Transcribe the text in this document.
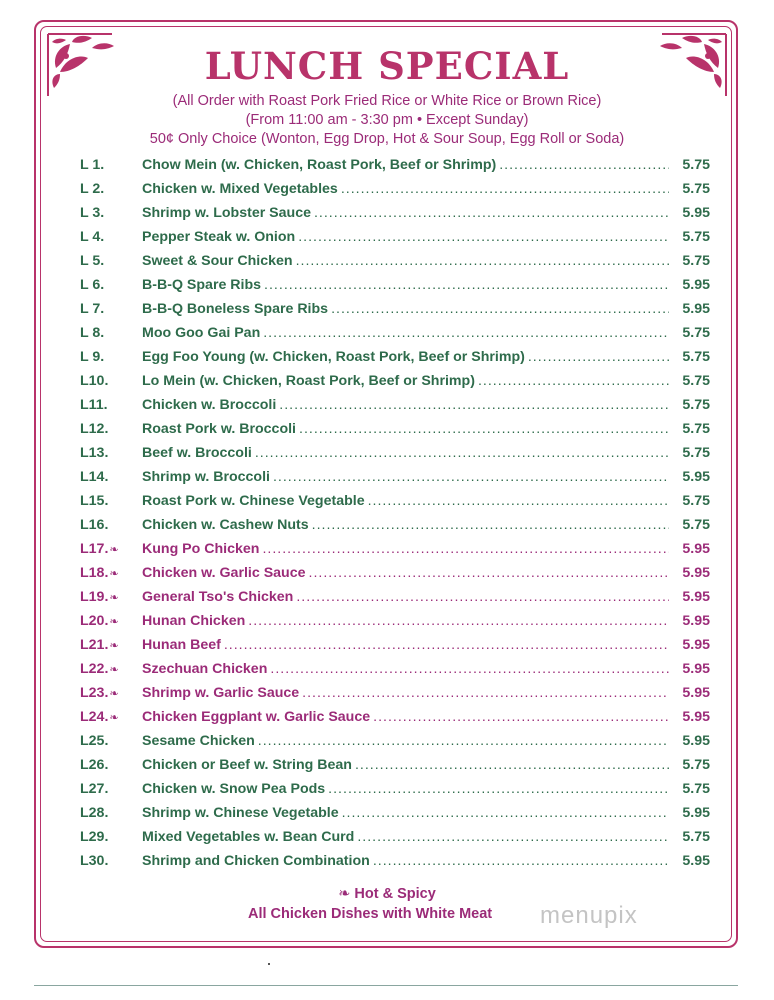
LUNCH SPECIAL
(All Order with Roast Pork Fried Rice or White Rice or Brown Rice)
(From 11:00 am - 3:30 pm • Except Sunday)
50¢ Only Choice (Wonton, Egg Drop, Hot & Sour Soup, Egg Roll or Soda)
L 1.	Chow Mein (w. Chicken, Roast Pork, Beef or Shrimp) .....	5.75
L 2.	Chicken w. Mixed Vegetables .....	5.75
L 3.	Shrimp w. Lobster Sauce .....	5.95
L 4.	Pepper Steak w. Onion .....	5.75
L 5.	Sweet & Sour Chicken .....	5.75
L 6.	B-B-Q Spare Ribs .....	5.95
L 7.	B-B-Q Boneless Spare Ribs .....	5.95
L 8.	Moo Goo Gai Pan .....	5.75
L 9.	Egg Foo Young (w. Chicken, Roast Pork, Beef or Shrimp) .....	5.75
L10.	Lo Mein (w. Chicken, Roast Pork, Beef or Shrimp) .....	5.75
L11.	Chicken w. Broccoli .....	5.75
L12.	Roast Pork w. Broccoli .....	5.75
L13.	Beef w. Broccoli .....	5.75
L14.	Shrimp w. Broccoli .....	5.95
L15.	Roast Pork w. Chinese Vegetable .....	5.75
L16.	Chicken w. Cashew Nuts .....	5.75
L17.❧	Kung Po Chicken .....	5.95
L18.❧	Chicken w. Garlic Sauce .....	5.95
L19.❧	General Tso's Chicken .....	5.95
L20.❧	Hunan Chicken .....	5.95
L21.❧	Hunan Beef .....	5.95
L22.❧	Szechuan Chicken .....	5.95
L23.❧	Shrimp w. Garlic Sauce .....	5.95
L24.❧	Chicken Eggplant w. Garlic Sauce .....	5.95
L25.	Sesame Chicken .....	5.95
L26.	Chicken or Beef w. String Bean .....	5.75
L27.	Chicken w. Snow Pea Pods .....	5.75
L28.	Shrimp w. Chinese Vegetable .....	5.95
L29.	Mixed Vegetables w. Bean Curd .....	5.75
L30.	Shrimp and Chicken Combination .....	5.95
❧ Hot & Spicy
All Chicken Dishes with White Meat menupix
